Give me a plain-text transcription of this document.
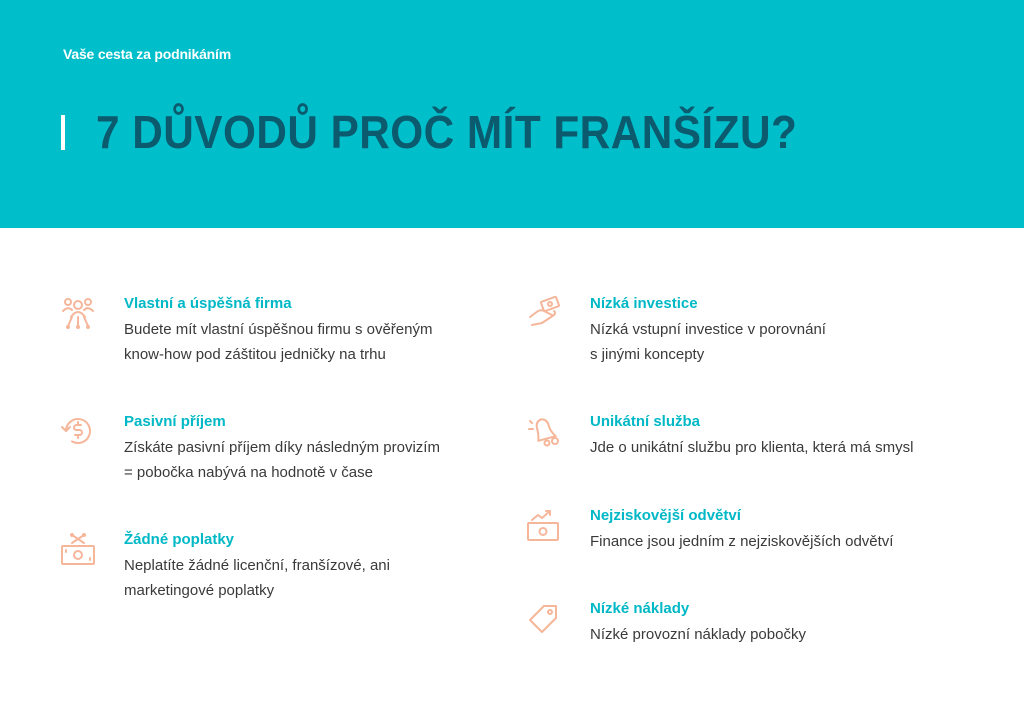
Vaše cesta za podnikáním
7 DŮVODŮ PROČ MÍT FRANŠÍZU?
Vlastní a úspěšná firma

Budete mít vlastní úspěšnou firmu s ověřeným
know-how pod záštitou jedničky na trhu

Pasivní příjem

Získáte pasivní příjem díky následným provizím
= pobočka nabývá na hodnotě v čase

Žádné poplatky

Neplatíte žádné licenční, franšízové, ani
marketingové poplatky

Nízká investice

Nízká vstupní investice v porovnání
s jinými koncepty

Unikátní služba

Jde o unikátní službu pro klienta, která má smysl

Nejziskovější odvětví

Finance jsou jedním z nejziskovějších odvětví

Nízké náklady

Nízké provozní náklady pobočky
